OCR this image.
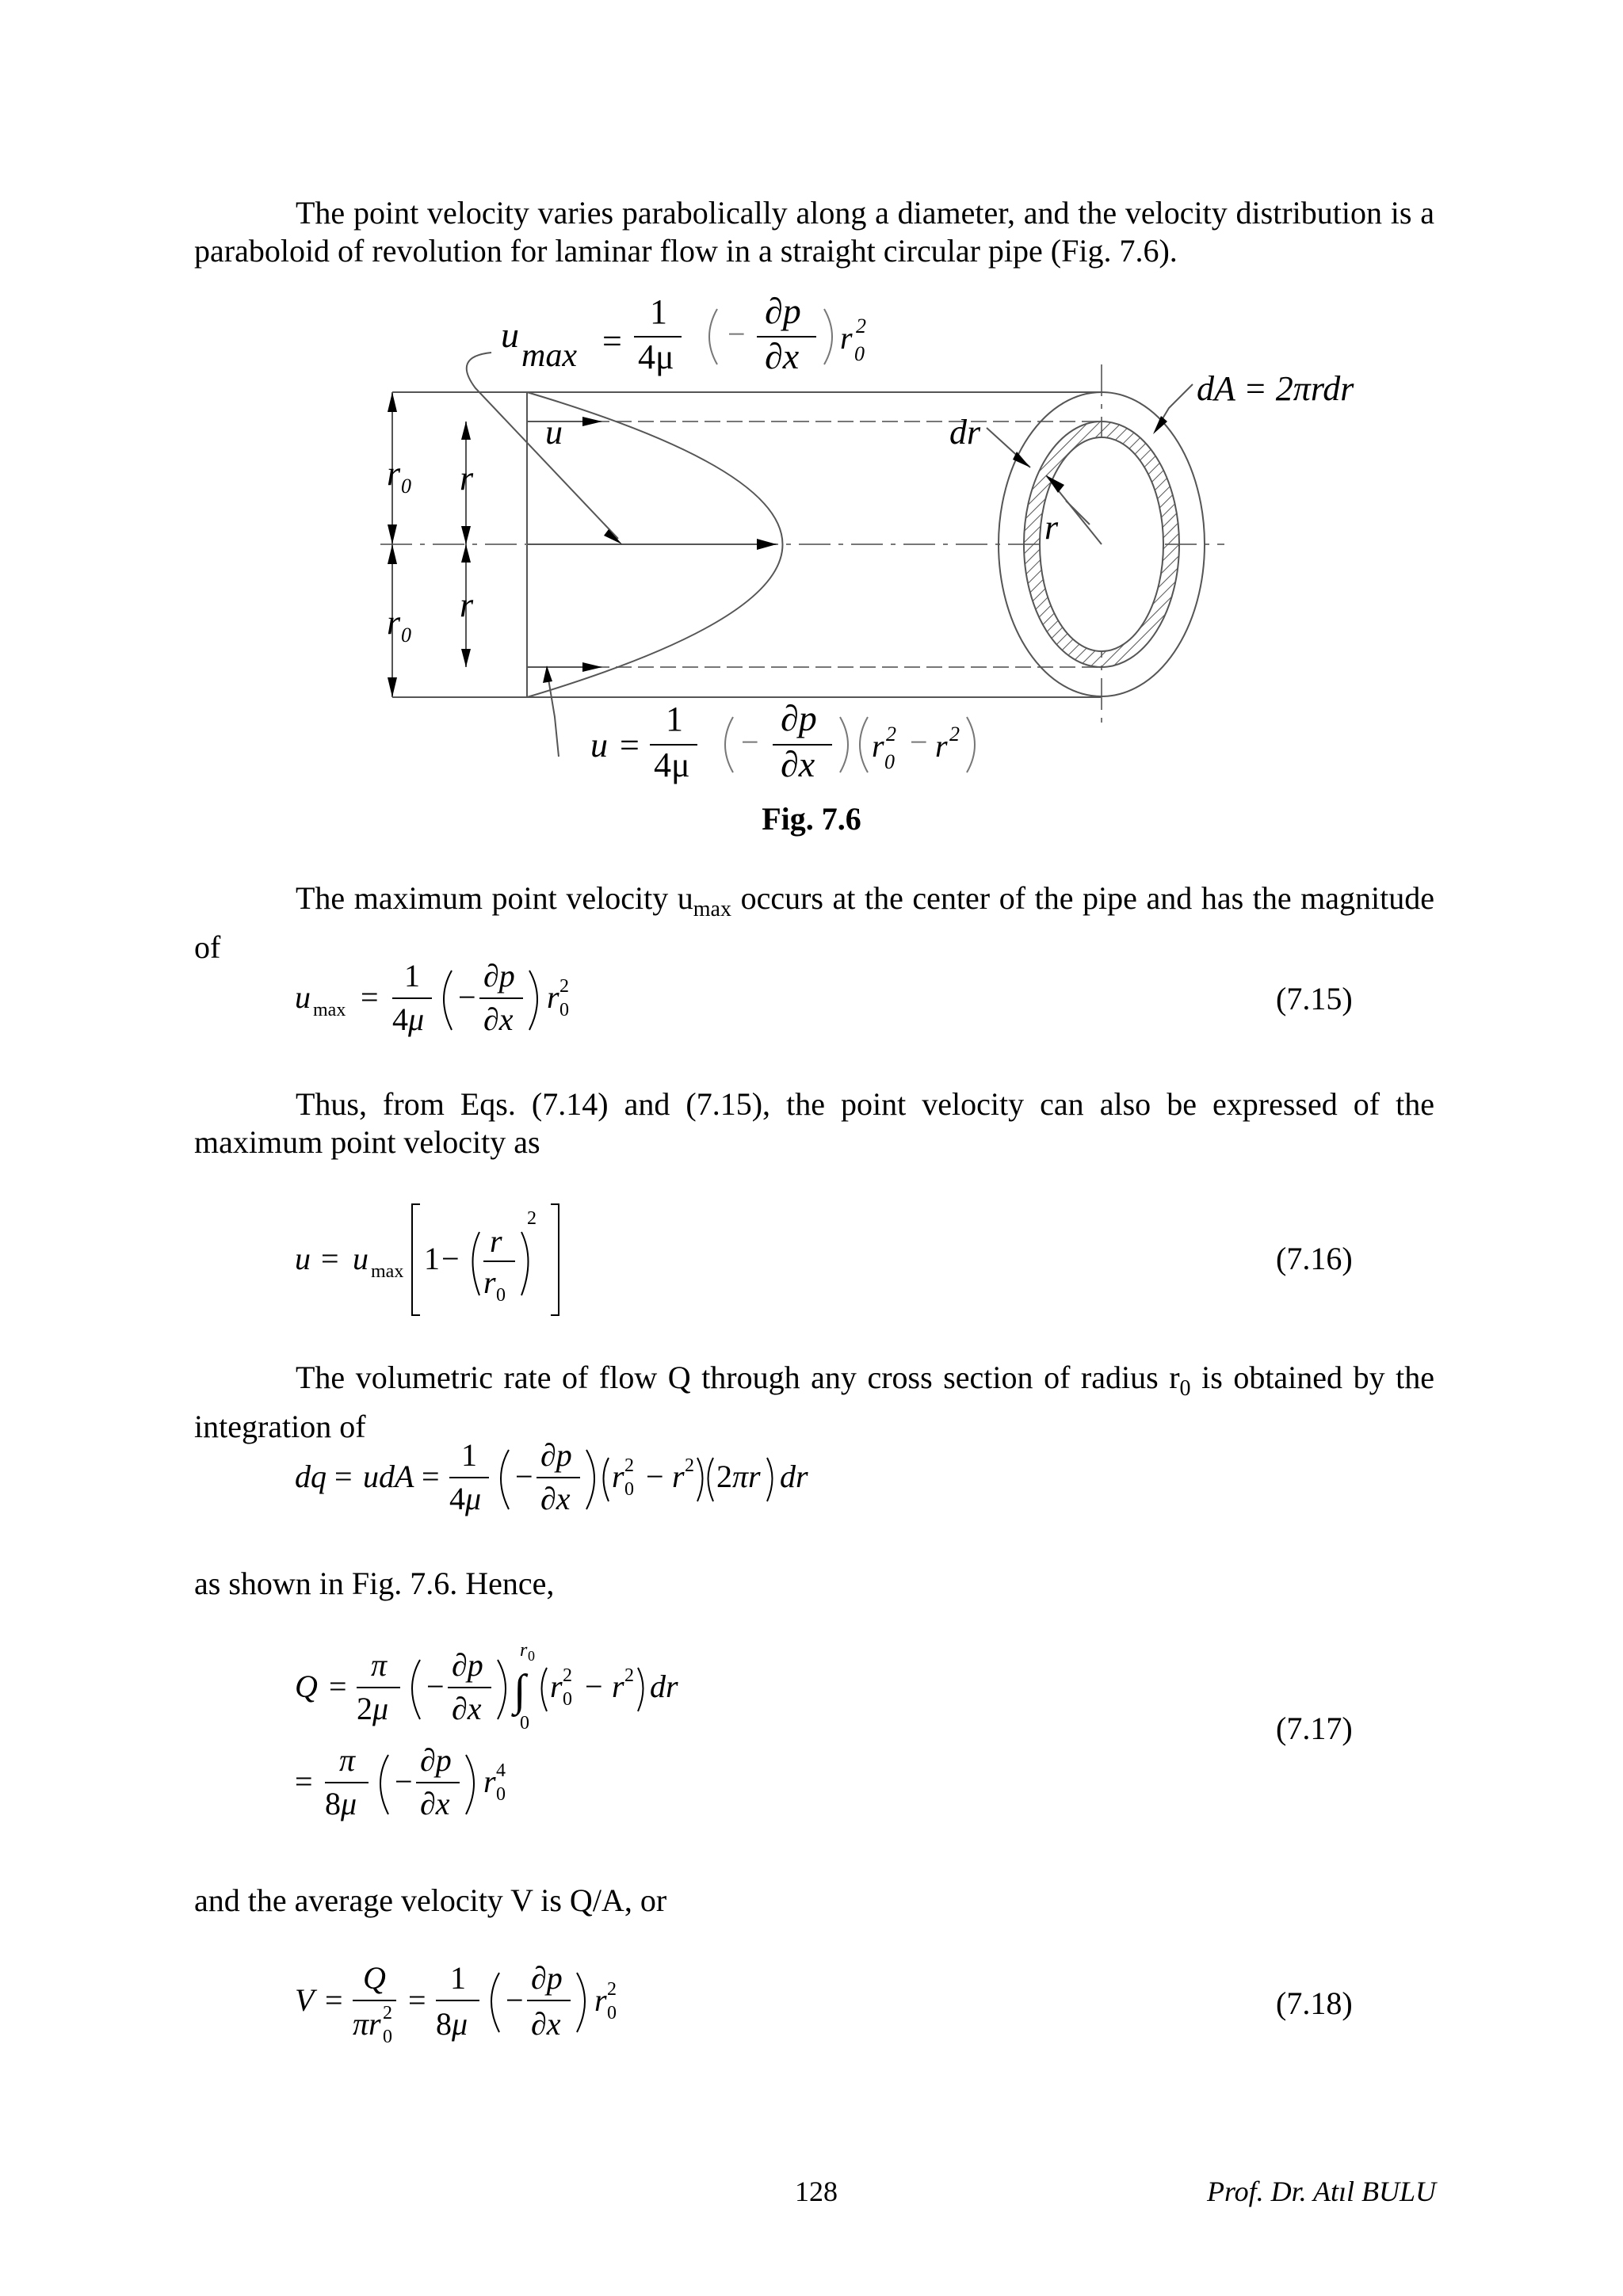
The point velocity varies parabolically along a diameter, and the velocity distribution is a paraboloid of revolution for laminar flow in a straight circular pipe (Fig. 7.6).

u
max =
1
4μ
−
∂p
∂x r 2
0
dA = 2πrdr
u	dr
r
r 0 r
r 0
r
u =
1
4μ
−
∂p
∂x r 2
0
− r 2
Fig. 7.6

The maximum point velocity $u_{max}$ occurs at the center of the pipe and has the magnitude of

u max =
1
4μ
−
∂p
∂x
r 2
0	(7.15)

Thus, from Eqs. (7.14) and (7.15), the point velocity can also be expressed of the maximum point velocity as

u = u max 1 − r
r 0
2
(7.16)

The volumetric rate of flow Q through any cross section of radius $r_0$ is obtained by the integration of

dq = udA =
1
4μ
−
∂p
∂x
r 2
0 − r 2 2πr dr

as shown in Fig. 7.6. Hence,

Q =
π
2μ
−
∂p
∂x ∫
r 0
0
r 2
0 − r 2 dr
=
π
8μ
−
∂p
∂x
r 4
0
(7.17)

and the average velocity V is Q/A, or

V =
Q
πr 2
0
=
1
8μ
−
∂p
∂x
r 2
0	(7.18)
128	Prof. Dr. Atıl BULU
